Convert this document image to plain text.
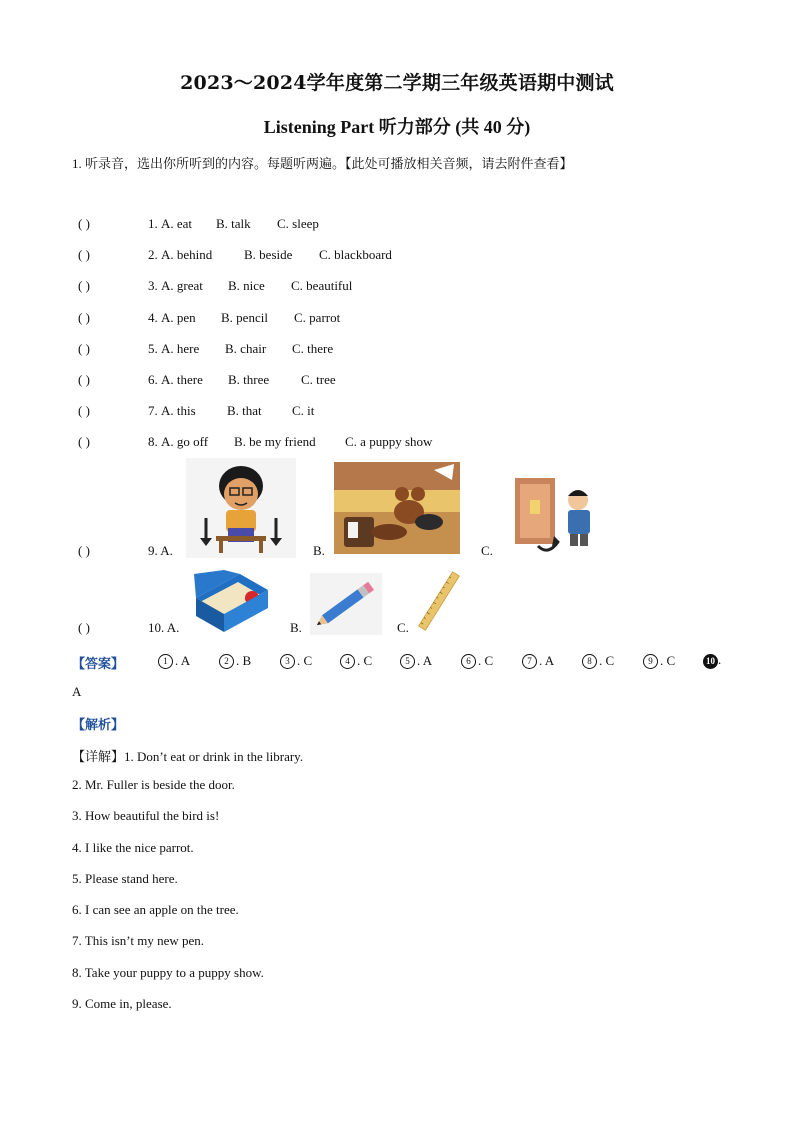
2023～2024学年度第二学期三年级英语期中测试
Listening Part 听力部分 (共 40 分)
1. 听录音，选出你所听到的内容。每题听两遍。【此处可播放相关音频，请去附件查看】
( )	1. A. eat B. talk C. sleep
( )	2. A. behind B. beside C. blackboard
( )	3. A. great B. nice C. beautiful
( )	4. A. pen B. pencil C. parrot
( )	5. A. here B. chair C. there
( )	6. A. there B. three C. tree
( )	7. A. this B. that C. it
( )	8. A. go off B. be my friend C. a puppy show
( )	9. A.	B.	C.
( )	10. A.	B.	C.
【答案】	1 . A	2 . B	3 . C	4 . C	5 . A	6 . C	7 . A	8 . C	9 . C	10 .
A
【解析】
【详解】1. Don’t eat or drink in the library.
2. Mr. Fuller is beside the door.
3. How beautiful the bird is!
4. I like the nice parrot.
5. Please stand here.
6. I can see an apple on the tree.
7. This isn’t my new pen.
8. Take your puppy to a puppy show.
9. Come in, please.
